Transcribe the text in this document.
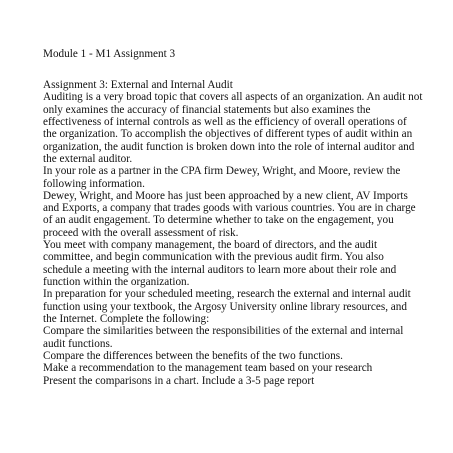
Module 1 - M1 Assignment 3

Assignment 3: External and Internal Audit

Auditing is a very broad topic that covers all aspects of an organization. An audit not only examines the accuracy of financial statements but also examines the effectiveness of internal controls as well as the efficiency of overall operations of the organization. To accomplish the objectives of different types of audit within an organization, the audit function is broken down into the role of internal auditor and the external auditor.

In your role as a partner in the CPA firm Dewey, Wright, and Moore, review the following information.

Dewey, Wright, and Moore has just been approached by a new client, AV Imports and Exports, a company that trades goods with various countries. You are in charge of an audit engagement. To determine whether to take on the engagement, you proceed with the overall assessment of risk.

You meet with company management, the board of directors, and the audit committee, and begin communication with the previous audit firm. You also schedule a meeting with the internal auditors to learn more about their role and function within the organization.

In preparation for your scheduled meeting, research the external and internal audit function using your textbook, the Argosy University online library resources, and the Internet. Complete the following:

Compare the similarities between the responsibilities of the external and internal audit functions.

Compare the differences between the benefits of the two functions.

Make a recommendation to the management team based on your research

Present the comparisons in a chart. Include a 3-5 page report
